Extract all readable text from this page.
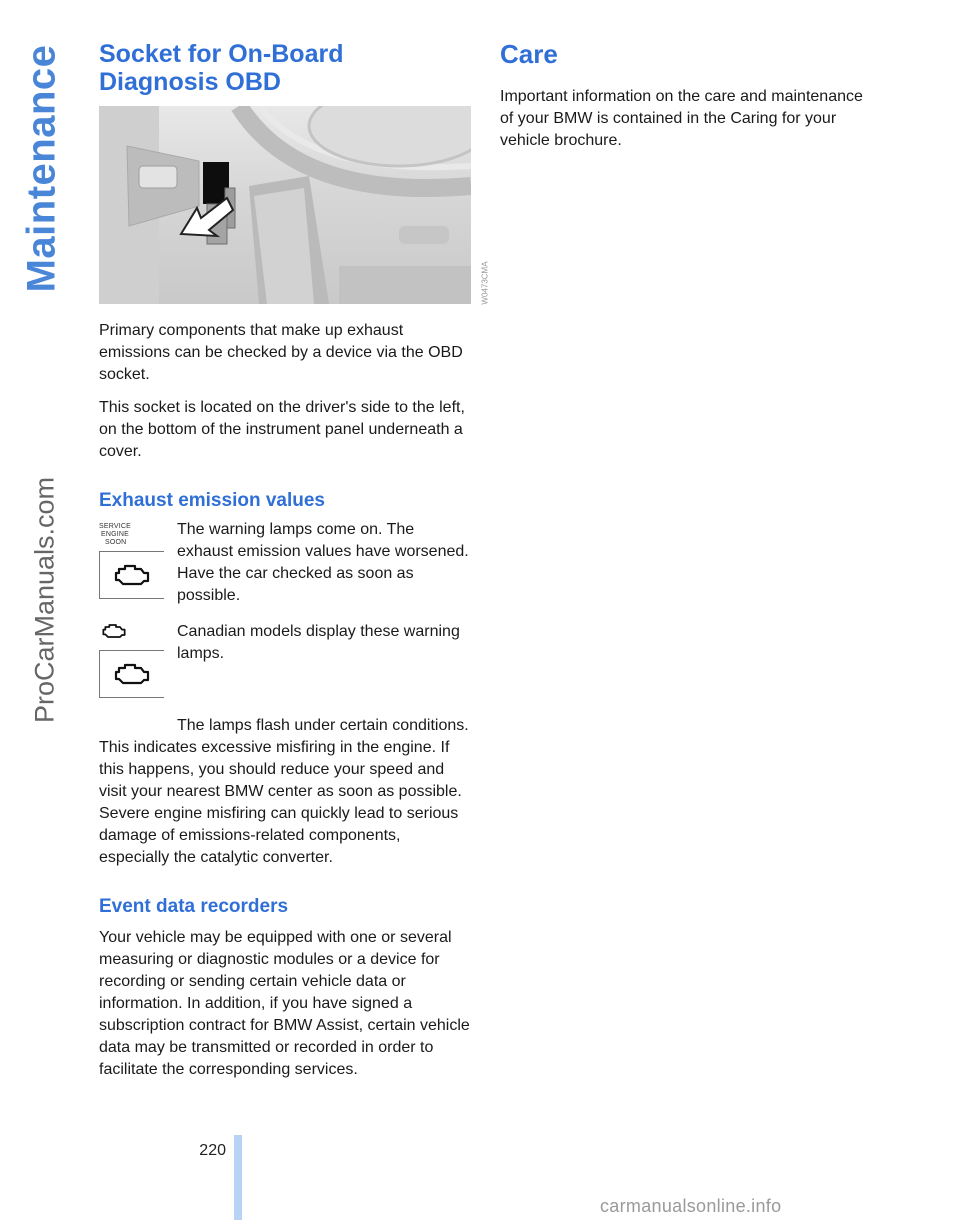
Maintenance
ProCarManuals.com
Socket for On-Board
Diagnosis OBD

Primary components that make up exhaust emissions can be checked by a device via the OBD socket.

This socket is located on the driver's side to the left, on the bottom of the instrument panel underneath a cover.

Exhaust emission values
SERVICE
ENGINE
SOON

The warning lamps come on. The exhaust emission values have worsened. Have the car checked as soon as possible.

Canadian models display these warning lamps.

The lamps flash under certain conditions. This indicates excessive misfiring in the engine. If this happens, you should reduce your speed and visit your nearest BMW center as soon as possible. Severe engine misfiring can quickly lead to serious damage of emissions-related components, especially the catalytic converter.

Event data recorders

Your vehicle may be equipped with one or several measuring or diagnostic modules or a device for recording or sending certain vehicle data or information. In addition, if you have signed a subscription contract for BMW Assist, certain vehicle data may be transmitted or recorded in order to facilitate the corresponding services.

W0473CMA
Care

Important information on the care and maintenance of your BMW is contained in the Caring for your vehicle brochure.

220
carmanualsonline.info
